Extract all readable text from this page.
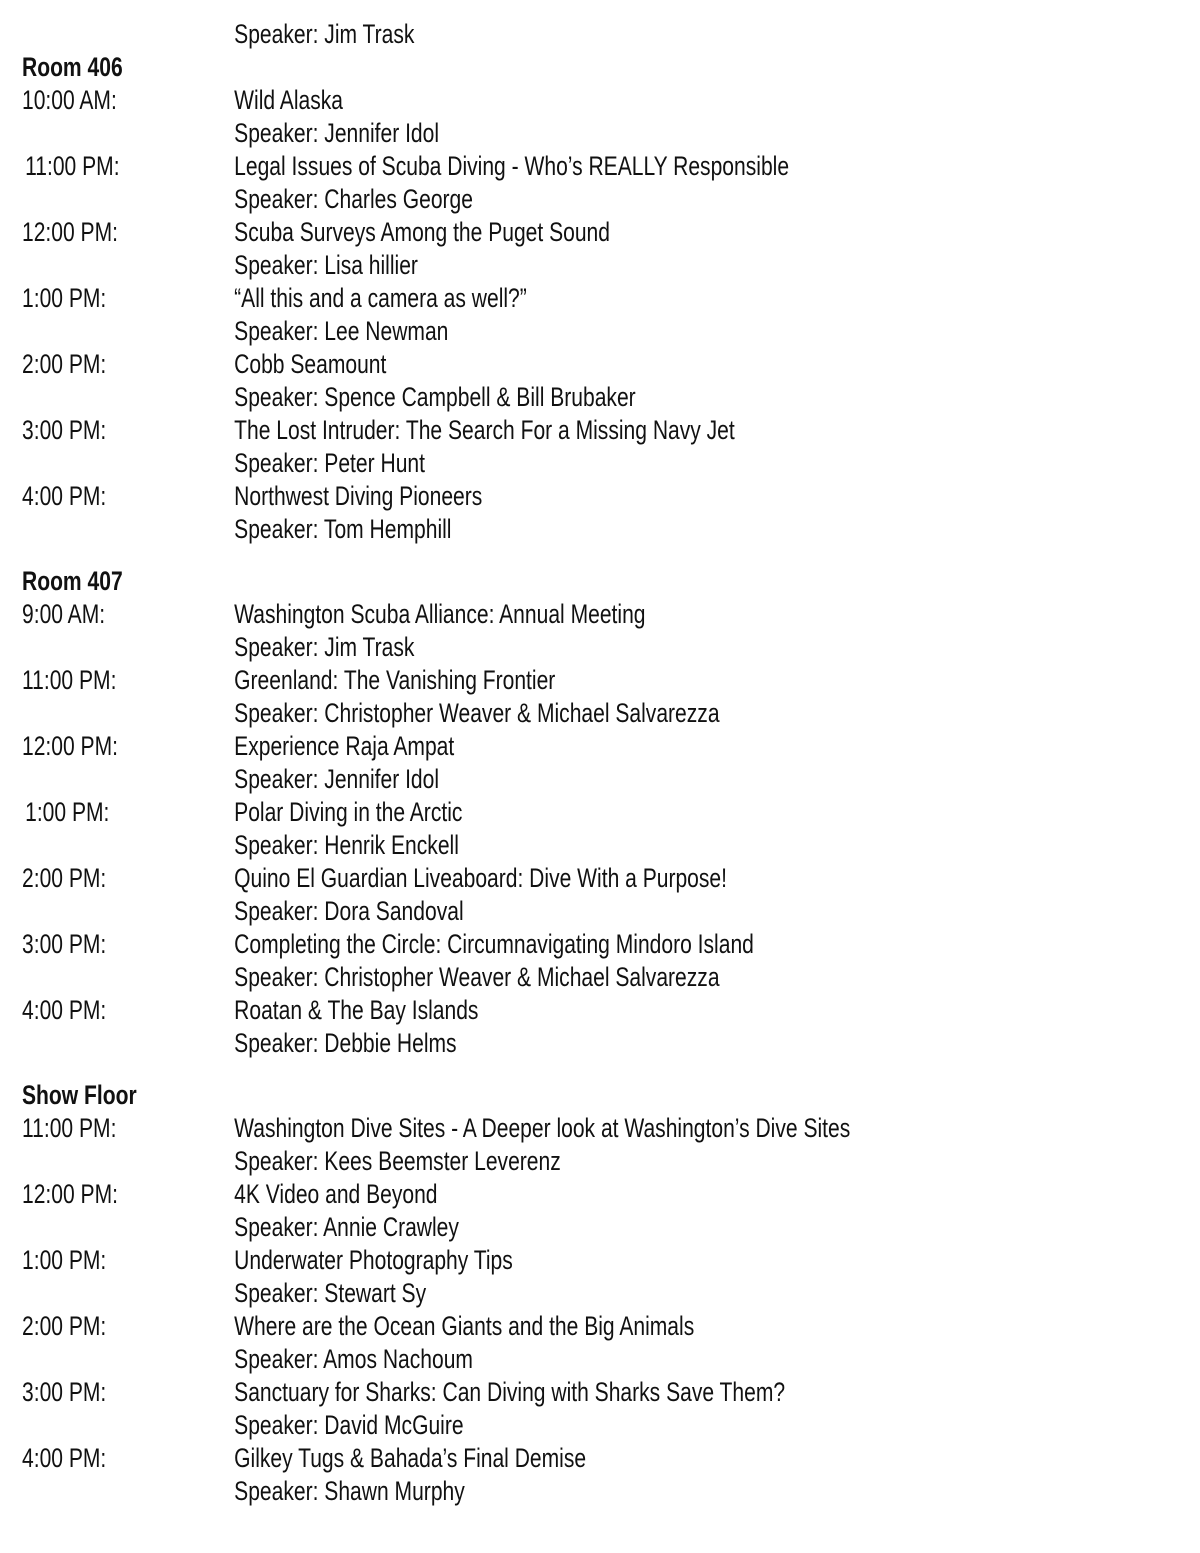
Speaker: Jim Trask
Room 406
10:00 AM:	Wild Alaska
Speaker: Jennifer Idol
11:00 PM:	Legal Issues of Scuba Diving - Who’s REALLY Responsible
Speaker: Charles George
12:00 PM:	Scuba Surveys Among the Puget Sound
Speaker: Lisa hillier
1:00 PM:	“All this and a camera as well?”
Speaker: Lee Newman
2:00 PM:	Cobb Seamount
Speaker: Spence Campbell & Bill Brubaker
3:00 PM:	The Lost Intruder: The Search For a Missing Navy Jet
Speaker: Peter Hunt
4:00 PM:	Northwest Diving Pioneers
Speaker: Tom Hemphill
Room 407
9:00 AM:	Washington Scuba Alliance: Annual Meeting
Speaker: Jim Trask
11:00 PM:	Greenland: The Vanishing Frontier
Speaker: Christopher Weaver & Michael Salvarezza
12:00 PM:	Experience Raja Ampat
Speaker: Jennifer Idol
1:00 PM:	Polar Diving in the Arctic
Speaker: Henrik Enckell
2:00 PM:	Quino El Guardian Liveaboard: Dive With a Purpose!
Speaker: Dora Sandoval
3:00 PM:	Completing the Circle: Circumnavigating Mindoro Island
Speaker: Christopher Weaver & Michael Salvarezza
4:00 PM:	Roatan & The Bay Islands
Speaker: Debbie Helms
Show Floor
11:00 PM:	Washington Dive Sites - A Deeper look at Washington’s Dive Sites
Speaker: Kees Beemster Leverenz
12:00 PM:	4K Video and Beyond
Speaker: Annie Crawley
1:00 PM:	Underwater Photography Tips
Speaker: Stewart Sy
2:00 PM:	Where are the Ocean Giants and the Big Animals
Speaker: Amos Nachoum
3:00 PM:	Sanctuary for Sharks: Can Diving with Sharks Save Them?
Speaker: David McGuire
4:00 PM:	Gilkey Tugs & Bahada’s Final Demise
Speaker: Shawn Murphy
